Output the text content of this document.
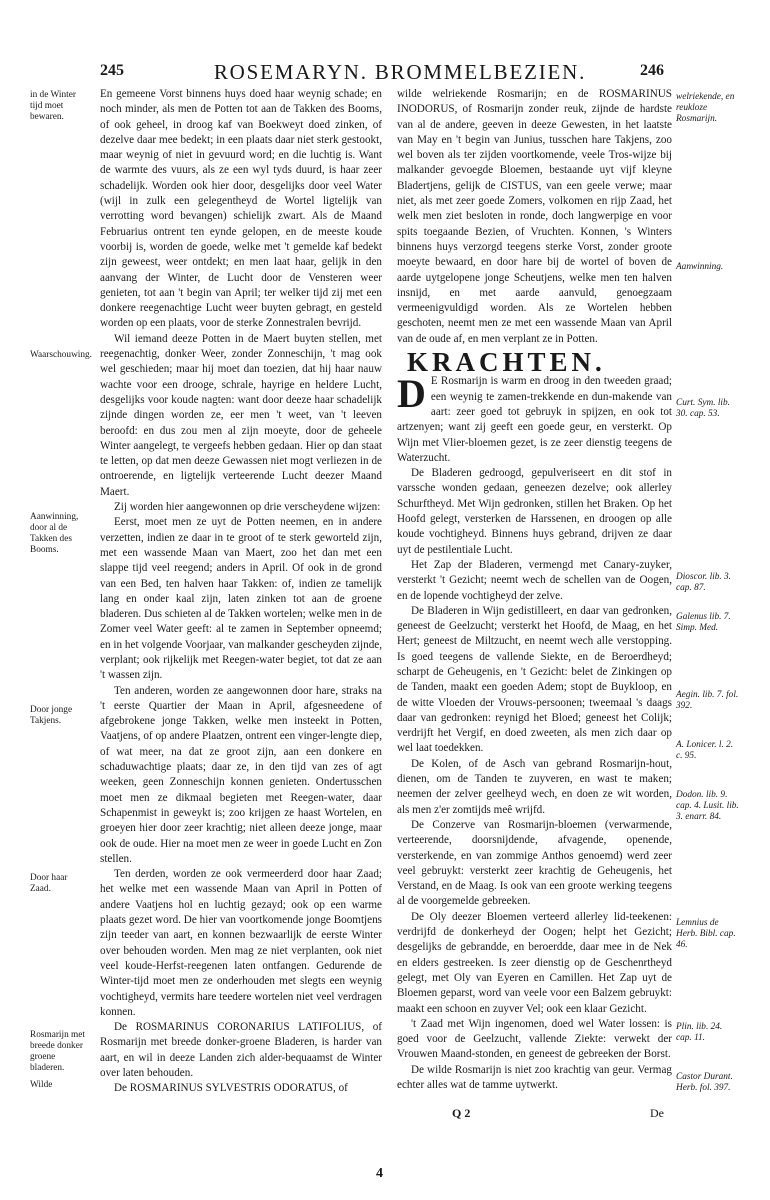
245	ROSEMARYN. BROMMELBEZIEN.	246
in de Winter tijd moet bewaren.
Waarschouwing.
Aanwinning, door al de Takken des Booms.
Door jonge Takjens.
Door haar Zaad.
Rosmarijn met breede donker groene bladeren.
Wilde

En gemeene Vorst binnens huys doed haar weynig schade; en noch minder, als men de Potten tot aan de Takken des Booms, of ook geheel, in droog kaf van Boekweyt doed zinken, of dezelve daar mee bedekt; in een plaats daar niet sterk gestookt, maar weynig of niet in gevuurd word; en die luchtig is. Want de warmte des vuurs, als ze een wyl tyds duurd, is haar zeer schadelijk. Worden ook hier door, desgelijks door veel Water (wijl in zulk een gelegentheyd de Wortel ligtelijk van verrotting word bevangen) schielijk zwart. Als de Maand Februarius ontrent ten eynde gelopen, en de meeste koude voorbij is, worden de goede, welke met 't gemelde kaf bedekt zijn geweest, weer ontdekt; en men laat haar, gelijk in den aanvang der Winter, de Lucht door de Vensteren weer genieten, tot aan 't begin van April; ter welker tijd zij met een donkere reegenachtige Lucht weer buyten gebragt, en gesteld worden op een plaats, voor de sterke Zonnestralen bevrijd.

Wil iemand deeze Potten in de Maert buyten stellen, met reegenachtig, donker Weer, zonder Zonneschijn, 't mag ook wel geschieden; maar hij moet dan toezien, dat hij haar nauw wachte voor een drooge, schrale, hayrige en heldere Lucht, desgelijks voor koude nagten: want door deeze haar schadelijk zijnde dingen worden ze, eer men 't weet, van 't leeven beroofd: en dus zou men al zijn moeyte, door de geheele Winter aangelegt, te vergeefs hebben gedaan. Hier op dan staat te letten, op dat men deeze Gewassen niet mogt verliezen in de ontroerende, en ligtelijk verteerende Lucht deezer Maand Maert.

Zij worden hier aangewonnen op drie verscheydene wijzen:

Eerst, moet men ze uyt de Potten neemen, en in andere verzetten, indien ze daar in te groot of te sterk geworteld zijn, met een wassende Maan van Maert, zoo het dan met een slappe tijd veel reegend; anders in April. Of ook in de grond van een Bed, ten halven haar Takken: of, indien ze tamelijk lang en onder kaal zijn, laten zinken tot aan de groene bladeren. Dus schieten al de Takken wortelen; welke men in de Zomer veel Water geeft: al te zamen in September opneemd; en in het volgende Voorjaar, van malkander gescheyden zijnde, verplant; ook rijkelijk met Reegen-water begiet, tot dat ze aan 't wassen zijn.

Ten anderen, worden ze aangewonnen door hare, straks na 't eerste Quartier der Maan in April, afgesneedene of afgebrokene jonge Takken, welke men insteekt in Potten, Vaatjens, of op andere Plaatzen, ontrent een vinger-lengte diep, of wat meer, na dat ze groot zijn, aan een donkere en schaduwachtige plaats; daar ze, in den tijd van zes of agt weeken, geen Zonneschijn konnen genieten. Ondertusschen moet men ze dikmaal begieten met Reegen-water, daar Schapenmist in geweykt is; zoo krijgen ze haast Wortelen, en groeyen hier door zeer krachtig; niet alleen deeze jonge, maar ook de oude. Hier na moet men ze weer in goede Lucht en Zon stellen.

Ten derden, worden ze ook vermeerderd door haar Zaad; het welke met een wassende Maan van April in Potten of andere Vaatjens hol en luchtig gezayd; ook op een warme plaats gezet word. De hier van voortkomende jonge Boomtjens zijn teeder van aart, en konnen bezwaarlijk de eerste Winter over behouden worden. Men mag ze niet verplanten, ook niet veel koude-Herfst-reegenen laten ontfangen. Gedurende de Winter-tijd moet men ze onderhouden met slegts een weynig vochtigheyd, vermits hare teedere wortelen niet veel verdragen konnen.

De ROSMARINUS CORONARIUS LATIFOLIUS, of Rosmarijn met breede donker-groene Bladeren, is harder van aart, en wil in deeze Landen zich alder-bequaamst de Winter over laten behouden.

De ROSMARINUS SYLVESTRIS ODORATUS, of

wilde welriekende Rosmarijn; en de ROSMARINUS INODORUS, of Rosmarijn zonder reuk, zijnde de hardste van al de andere, geeven in deeze Gewesten, in het laatste van May en 't begin van Junius, tusschen hare Takjens, zoo wel boven als ter zijden voortkomende, veele Tros-wijze bij malkander gevoegde Bloemen, bestaande uyt vijf kleyne Bladertjens, gelijk de CISTUS, van een geele verwe; maar niet, als met zeer goede Zomers, volkomen en rijp Zaad, het welk men ziet besloten in ronde, doch langwerpige en voor spits toegaande Bezien, of Vruchten. Konnen, 's Winters binnens huys verzorgd teegens sterke Vorst, zonder groote moeyte bewaard, en door hare bij de wortel of boven de aarde uytgelopene jonge Scheutjens, welke men ten halven insnijd, en met aarde aanvuld, genoegzaam vermeenigvuldigd worden. Als ze Wortelen hebben geschoten, neemt men ze met een wassende Maan van April van de oude af, en men verplant ze in Potten.

KRACHTEN.

D E Rosmarijn is warm en droog in den tweeden graad; een weynig te zamen-trekkende en dun-makende van aart: zeer goed tot gebruyk in spijzen, en ook tot artzenyen; want zij geeft een goede geur, en versterkt. Op Wijn met Vlier-bloemen gezet, is ze zeer dienstig teegens de Waterzucht.

De Bladeren gedroogd, gepulveriseert en dit stof in varssche wonden gedaan, geneezen dezelve; ook allerley Schurftheyd. Met Wijn gedronken, stillen het Braken. Op het Hoofd gelegt, versterken de Harssenen, en droogen op alle koude vochtigheyd. Binnens huys gebrand, drijven ze daar uyt de pestilentiale Lucht.

Het Zap der Bladeren, vermengd met Canary-zuyker, versterkt 't Gezicht; neemt wech de schellen van de Oogen, en de lopende vochtigheyd der zelve.

De Bladeren in Wijn gedistilleert, en daar van gedronken, geneest de Geelzucht; versterkt het Hoofd, de Maag, en het Hert; geneest de Miltzucht, en neemt wech alle verstopping. Is goed teegens de vallende Siekte, en de Beroerdheyd; scharpt de Geheugenis, en 't Gezicht: belet de Zinkingen op de Tanden, maakt een goeden Adem; stopt de Buykloop, en de witte Vloeden der Vrouws-persoonen; tweemaal 's daags daar van gedronken: reynigd het Bloed; geneest het Colijk; verdrijft het Vergif, en doed zweeten, als men zich daar op wel laat toedekken.

De Kolen, of de Asch van gebrand Rosmarijn-hout, dienen, om de Tanden te zuyveren, en wast te maken; neemen der zelver geelheyd wech, en doen ze wit worden, als men z'er zomtijds meê wrijfd.

De Conzerve van Rosmarijn-bloemen (verwarmende, verteerende, doorsnijdende, afvagende, openende, versterkende, en van zommige Anthos genoemd) werd zeer veel gebruykt: versterkt zeer krachtig de Geheugenis, het Verstand, en de Maag. Is ook van een groote werking teegens al de voorgemelde gebreeken.

De Oly deezer Bloemen verteerd allerley lid-teekenen: verdrijfd de donkerheyd der Oogen; helpt het Gezicht; desgelijks de gebrandde, en beroerdde, daar mee in de Nek en elders gestreeken. Is zeer dienstig op de Geschenrtheyd gelegt, met Oly van Eyeren en Camillen. Het Zap uyt de Bloemen geparst, word van veele voor een Balzem gebruykt: maakt een schoon en zuyver Vel; ook een klaar Gezicht.

't Zaad met Wijn ingenomen, doed wel Water lossen: is goed voor de Geelzucht, vallende Ziekte: verwekt der Vrouwen Maand-stonden, en geneest de gebreeken der Borst.

De wilde Rosmarijn is niet zoo krachtig van geur. Vermag echter alles wat de tamme uytwerkt.

welriekende, en reukloze Rosmarijn.
Aanwinning.
Curt. Sym. lib. 30. cap. 53.
Dioscor. lib. 3. cap. 87.
Galenus lib. 7. Simp. Med.
Aegin. lib. 7. fol. 392.
A. Lonicer. l. 2. c. 95.
Dodon. lib. 9. cap. 4. Lusit. lib. 3. enarr. 84.
Lemnius de Herb. Bibl. cap. 46.
Plin. lib. 24. cap. 11.
Castor Durant. Herb. fol. 397.
Q 2	De
4
